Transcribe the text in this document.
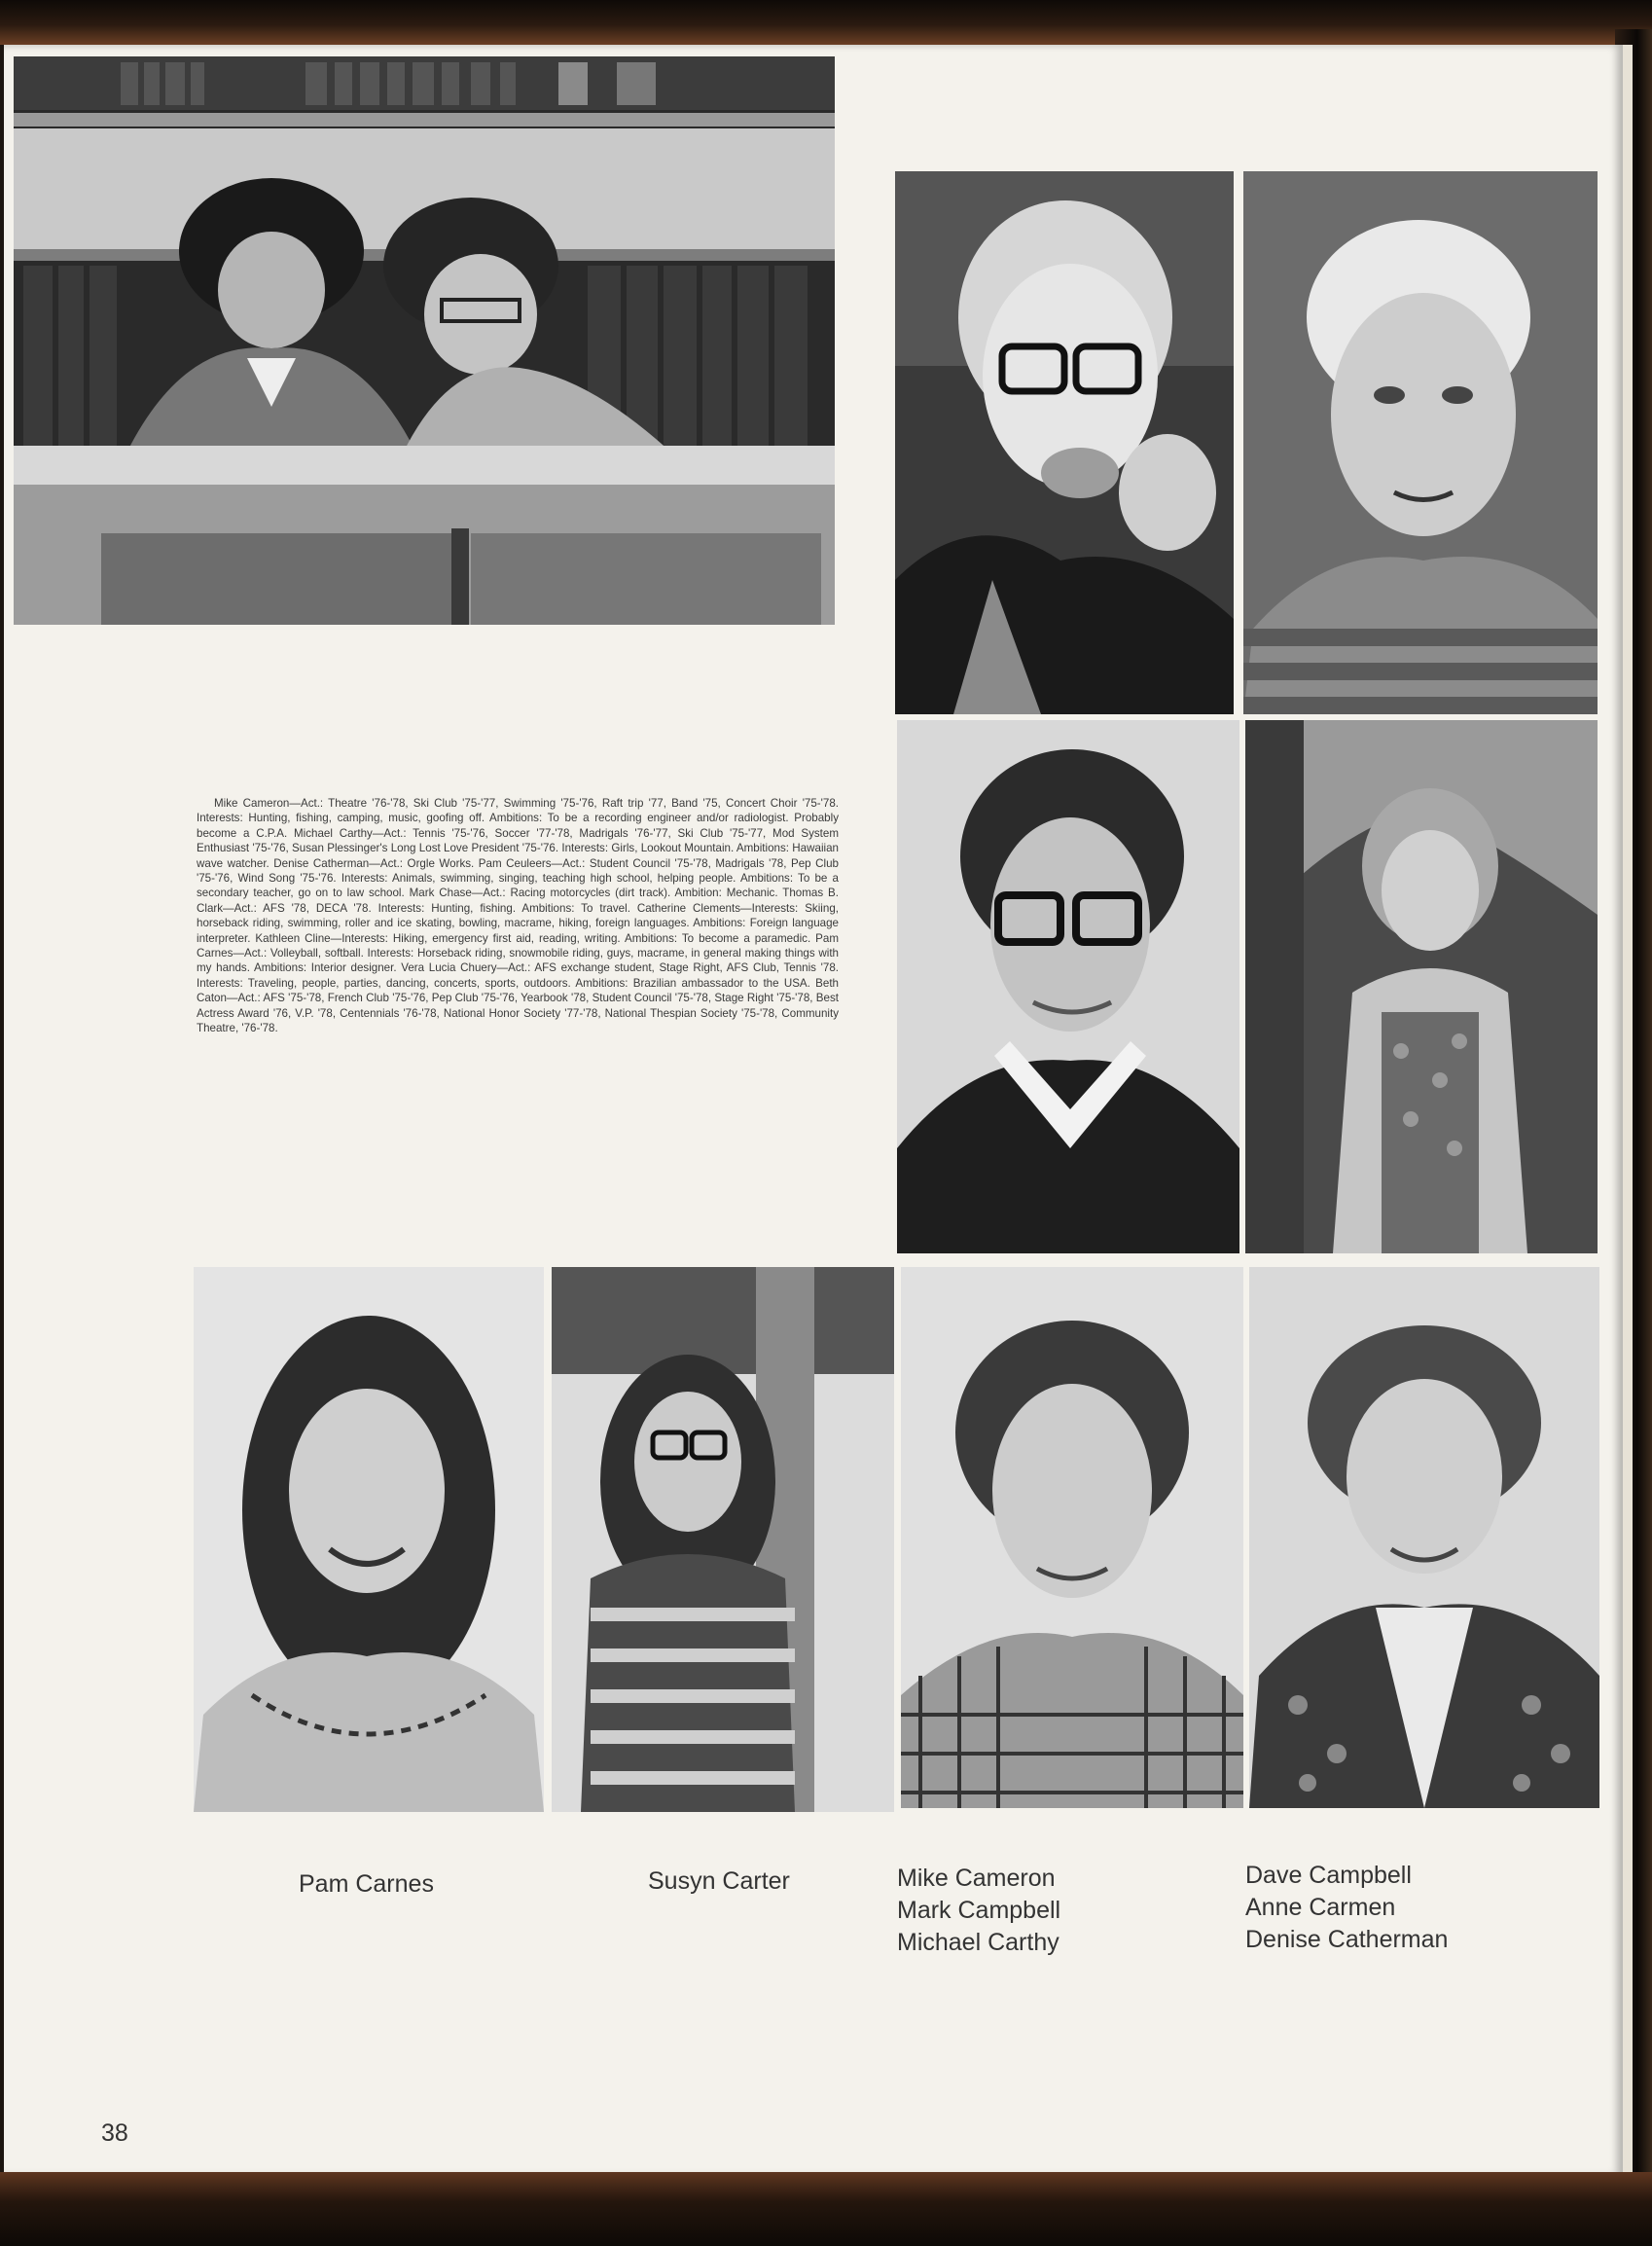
Mike Cameron—Act.: Theatre '76-'78, Ski Club '75-'77, Swimming '75-'76, Raft trip '77, Band '75, Concert Choir '75-'78. Interests: Hunting, fishing, camping, music, goofing off. Ambitions: To be a recording engineer and/or radiologist. Probably become a C.P.A. Michael Carthy—Act.: Tennis '75-'76, Soccer '77-'78, Madrigals '76-'77, Ski Club '75-'77, Mod System Enthusiast '75-'76, Susan Plessinger's Long Lost Love President '75-'76. Interests: Girls, Lookout Mountain. Ambitions: Hawaiian wave watcher. Denise Catherman—Act.: Orgle Works. Pam Ceuleers—Act.: Student Council '75-'78, Madrigals '78, Pep Club '75-'76, Wind Song '75-'76. Interests: Animals, swimming, singing, teaching high school, helping people. Ambitions: To be a secondary teacher, go on to law school. Mark Chase—Act.: Racing motorcycles (dirt track). Ambition: Mechanic. Thomas B. Clark—Act.: AFS '78, DECA '78. Interests: Hunting, fishing. Ambitions: To travel. Catherine Clements—Interests: Skiing, horseback riding, swimming, roller and ice skating, bowling, macrame, hiking, foreign languages. Ambitions: Foreign language interpreter. Kathleen Cline—Interests: Hiking, emergency first aid, reading, writing. Ambitions: To become a paramedic. Pam Carnes—Act.: Volleyball, softball. Interests: Horseback riding, snowmobile riding, guys, macrame, in general making things with my hands. Ambitions: Interior designer. Vera Lucia Chuery—Act.: AFS exchange student, Stage Right, AFS Club, Tennis '78. Interests: Traveling, people, parties, dancing, concerts, sports, outdoors. Ambitions: Brazilian ambassador to the USA. Beth Caton—Act.: AFS '75-'78, French Club '75-'76, Pep Club '75-'76, Yearbook '78, Student Council '75-'78, Stage Right '75-'78, Best Actress Award '76, V.P. '78, Centennials '76-'78, National Honor Society '77-'78, National Thespian Society '75-'78, Community Theatre, '76-'78.

Pam Carnes	Susyn Carter	Mike Cameron
Mark Campbell
Michael Carthy
Dave Campbell
Anne Carmen
Denise Catherman
38
